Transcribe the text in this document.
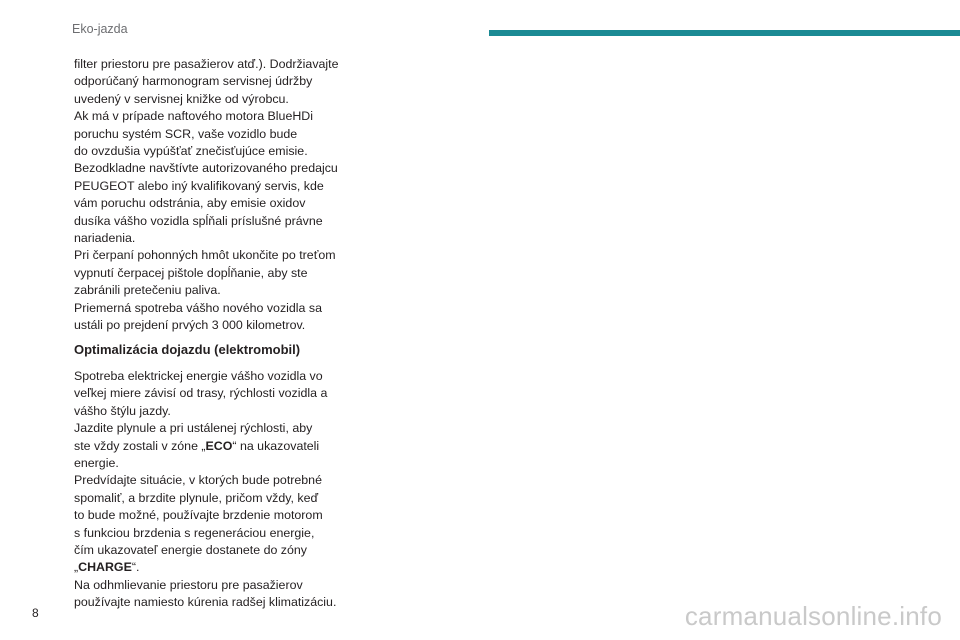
Eko-jazda

filter priestoru pre pasažierov atď.). Dodržiavajte
odporúčaný harmonogram servisnej údržby
uvedený v servisnej knižke od výrobcu.
Ak má v prípade naftového motora BlueHDi
poruchu systém SCR, vaše vozidlo bude
do ovzdušia vypúšťať znečisťujúce emisie.
Bezodkladne navštívte autorizovaného predajcu
PEUGEOT alebo iný kvalifikovaný servis, kde
vám poruchu odstránia, aby emisie oxidov
dusíka vášho vozidla spĺňali príslušné právne
nariadenia.
Pri čerpaní pohonných hmôt ukončite po treťom
vypnutí čerpacej pištole dopĺňanie, aby ste
zabránili pretečeniu paliva.
Priemerná spotreba vášho nového vozidla sa
ustáli po prejdení prvých 3 000 kilometrov.

Optimalizácia dojazdu (elektromobil)

Spotreba elektrickej energie vášho vozidla vo
veľkej miere závisí od trasy, rýchlosti vozidla a
vášho štýlu jazdy.
Jazdite plynule a pri ustálenej rýchlosti, aby
ste vždy zostali v zóne „ECO“ na ukazovateli
energie.
Predvídajte situácie, v ktorých bude potrebné
spomaliť, a brzdite plynule, pričom vždy, keď
to bude možné, používajte brzdenie motorom
s funkciou brzdenia s regeneráciou energie,
čím ukazovateľ energie dostanete do zóny
„CHARGE“.
Na odhmlievanie priestoru pre pasažierov
používajte namiesto kúrenia radšej klimatizáciu.

8	carmanualsonline.info
